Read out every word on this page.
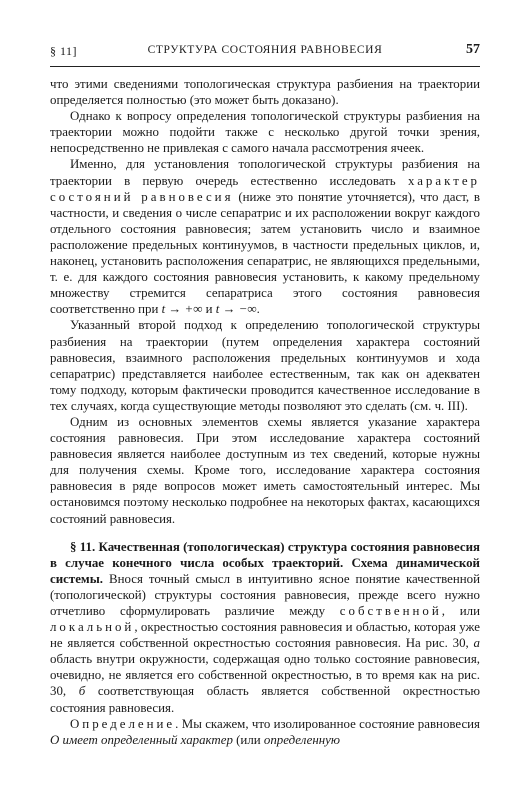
§ 11]	СТРУКТУРА СОСТОЯНИЯ РАВНОВЕСИЯ	57

что этими сведениями топологическая структура разбиения на траектории определяется полностью (это может быть доказано).

Однако к вопросу определения топологической структуры разбиения на траектории можно подойти также с несколько другой точки зрения, непосредственно не привлекая с самого начала рассмотрения ячеек.

Именно, для установления топологической структуры разбиения на траектории в первую очередь естественно исследовать характер состояний равновесия (ниже это понятие уточняется), что даст, в частности, и сведения о числе сепаратрис и их расположении вокруг каждого отдельного состояния равновесия; затем установить число и взаимное расположение предельных континуумов, в частности предельных циклов, и, наконец, установить расположения сепаратрис, не являющихся предельными, т. е. для каждого состояния равновесия установить, к какому предельному множеству стремится сепаратриса этого состояния равновесия соответственно при t → +∞ и t → −∞.

Указанный второй подход к определению топологической структуры разбиения на траектории (путем определения характера состояний равновесия, взаимного расположения предельных континуумов и хода сепаратрис) представляется наиболее естественным, так как он адекватен тому подходу, которым фактически проводится качественное исследование в тех случаях, когда существующие методы позволяют это сделать (см. ч. III).

Одним из основных элементов схемы является указание характера состояния равновесия. При этом исследование характера состояний равновесия является наиболее доступным из тех сведений, которые нужны для получения схемы. Кроме того, исследование характера состояния равновесия в ряде вопросов может иметь самостоятельный интерес. Мы остановимся поэтому несколько подробнее на некоторых фактах, касающихся состояний равновесия.

§ 11. Качественная (топологическая) структура состояния равновесия в случае конечного числа особых траекторий. Схема динамической системы. Внося точный смысл в интуитивно ясное понятие качественной (топологической) структуры состояния равновесия, прежде всего нужно отчетливо сформулировать различие между собственной, или локальной, окрестностью состояния равновесия и областью, которая уже не является собственной окрестностью состояния равновесия. На рис. 30, а область внутри окружности, содержащая одно только состояние равновесия, очевидно, не является его собственной окрестностью, в то время как на рис. 30, б соответствующая область является собственной окрестностью состояния равновесия.

Определение. Мы скажем, что изолированное состояние равновесия O имеет определенный характер (или определенную
